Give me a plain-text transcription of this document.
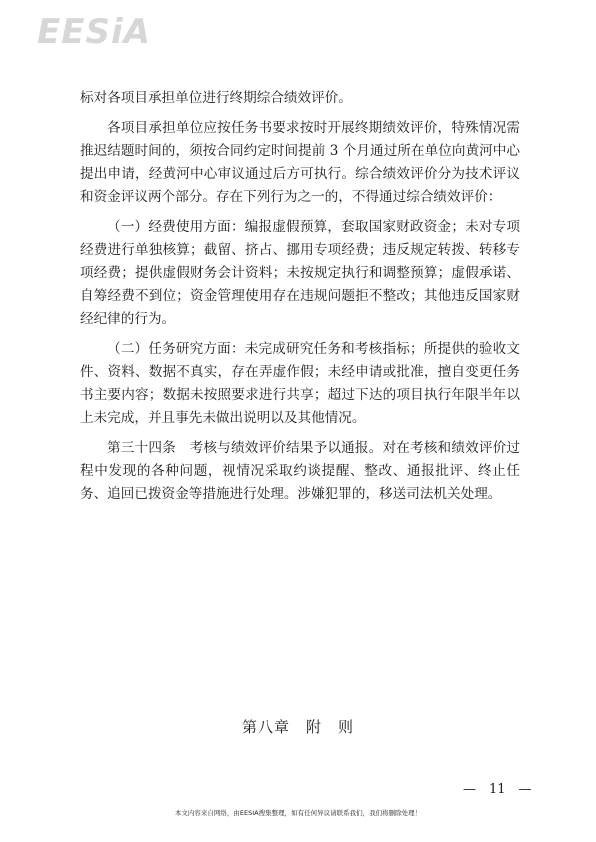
EESiA

标对各项目承担单位进行终期综合绩效评价。

各项目承担单位应按任务书要求按时开展终期绩效评价，特殊情况需推迟结题时间的，须按合同约定时间提前 3 个月通过所在单位向黄河中心提出申请，经黄河中心审议通过后方可执行。综合绩效评价分为技术评议和资金评议两个部分。存在下列行为之一的，不得通过综合绩效评价：

（一）经费使用方面：编报虚假预算，套取国家财政资金；未对专项经费进行单独核算；截留、挤占、挪用专项经费；违反规定转拨、转移专项经费；提供虚假财务会计资料；未按规定执行和调整预算；虚假承诺、自筹经费不到位；资金管理使用存在违规问题拒不整改；其他违反国家财经纪律的行为。

（二）任务研究方面：未完成研究任务和考核指标；所提供的验收文件、资料、数据不真实，存在弄虚作假；未经申请或批准，擅自变更任务书主要内容；数据未按照要求进行共享；超过下达的项目执行年限半年以上未完成，并且事先未做出说明以及其他情况。

第三十四条　考核与绩效评价结果予以通报。对在考核和绩效评价过程中发现的各种问题，视情况采取约谈提醒、整改、通报批评、终止任务、追回已拨资金等措施进行处理。涉嫌犯罪的，移送司法机关处理。

第八章　附　则
—　11　—
本文内容来自网络，由EESIA搜集整理，如有任何异议请联系我们，我们将删除处理！
